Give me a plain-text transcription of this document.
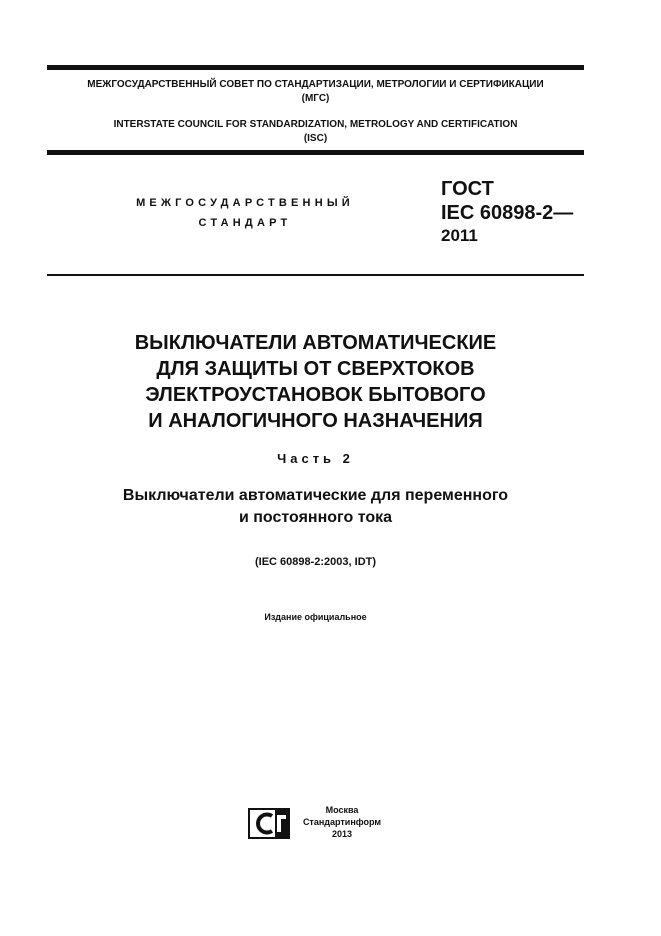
МЕЖГОСУДАРСТВЕННЫЙ СОВЕТ ПО СТАНДАРТИЗАЦИИ, МЕТРОЛОГИИ И СЕРТИФИКАЦИИ
(МГС)
INTERSTATE COUNCIL FOR STANDARDIZATION, METROLOGY AND CERTIFICATION
(ISC)
МЕЖГОСУДАРСТВЕННЫЙ
СТАНДАРТ
ГОСТ
IEC 60898-2—
2011
ВЫКЛЮЧАТЕЛИ АВТОМАТИЧЕСКИЕ
ДЛЯ ЗАЩИТЫ ОТ СВЕРХТОКОВ
ЭЛЕКТРОУСТАНОВОК БЫТОВОГО
И АНАЛОГИЧНОГО НАЗНАЧЕНИЯ
Часть 2
Выключатели автоматические для переменного
и постоянного тока
(IEC 60898-2:2003, IDT)
Издание официальное
Москва
Стандартинформ
2013
